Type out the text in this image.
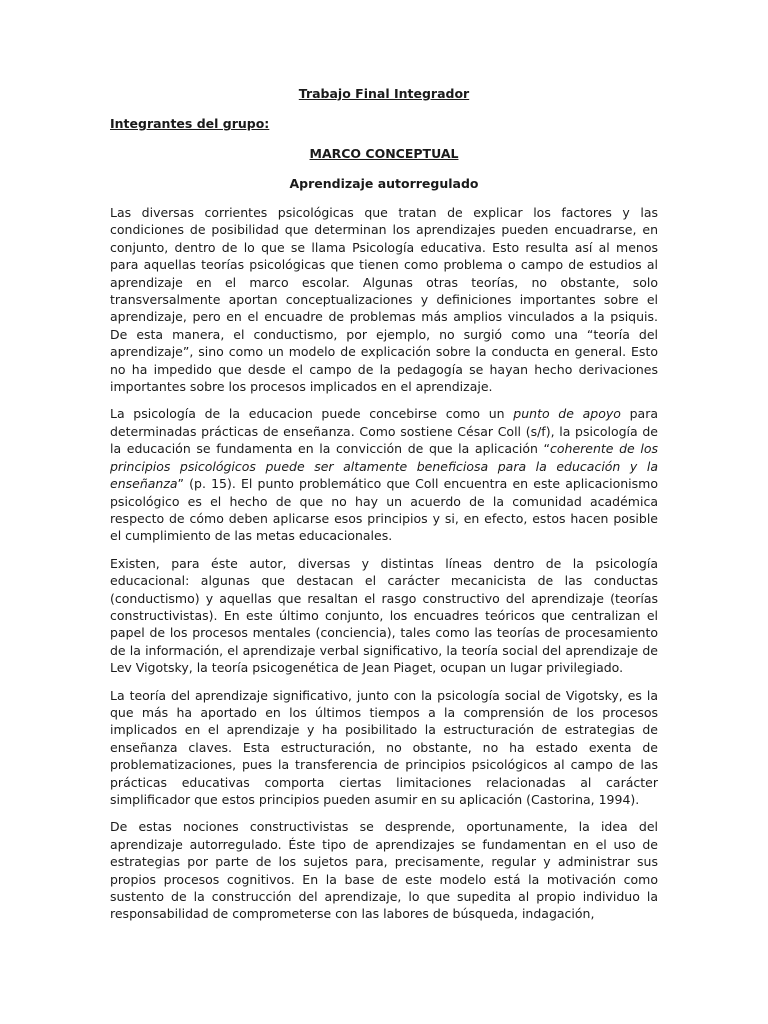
Trabajo Final Integrador
Integrantes del grupo:
MARCO CONCEPTUAL
Aprendizaje autorregulado

Las diversas corrientes psicológicas que tratan de explicar los factores y las condiciones de posibilidad que determinan los aprendizajes pueden encuadrarse, en conjunto, dentro de lo que se llama Psicología educativa. Esto resulta así al menos para aquellas teorías psicológicas que tienen como problema o campo de estudios al aprendizaje en el marco escolar. Algunas otras teorías, no obstante, solo transversalmente aportan conceptualizaciones y definiciones importantes sobre el aprendizaje, pero en el encuadre de problemas más amplios vinculados a la psiquis. De esta manera, el conductismo, por ejemplo, no surgió como una “teoría del aprendizaje”, sino como un modelo de explicación sobre la conducta en general. Esto no ha impedido que desde el campo de la pedagogía se hayan hecho derivaciones importantes sobre los procesos implicados en el aprendizaje.

La psicología de la educacion puede concebirse como un punto de apoyo para determinadas prácticas de enseñanza. Como sostiene César Coll (s/f), la psicología de la educación se fundamenta en la convicción de que la aplicación “coherente de los principios psicológicos puede ser altamente beneficiosa para la educación y la enseñanza” (p. 15). El punto problemático que Coll encuentra en este aplicacionismo psicológico es el hecho de que no hay un acuerdo de la comunidad académica respecto de cómo deben aplicarse esos principios y si, en efecto, estos hacen posible el cumplimiento de las metas educacionales.

Existen, para éste autor, diversas y distintas líneas dentro de la psicología educacional: algunas que destacan el carácter mecanicista de las conductas (conductismo) y aquellas que resaltan el rasgo constructivo del aprendizaje (teorías constructivistas). En este último conjunto, los encuadres teóricos que centralizan el papel de los procesos mentales (conciencia), tales como las teorías de procesamiento de la información, el aprendizaje verbal significativo, la teoría social del aprendizaje de Lev Vigotsky, la teoría psicogenética de Jean Piaget, ocupan un lugar privilegiado.

La teoría del aprendizaje significativo, junto con la psicología social de Vigotsky, es la que más ha aportado en los últimos tiempos a la comprensión de los procesos implicados en el aprendizaje y ha posibilitado la estructuración de estrategias de enseñanza claves. Esta estructuración, no obstante, no ha estado exenta de problematizaciones, pues la transferencia de principios psicológicos al campo de las prácticas educativas comporta ciertas limitaciones relacionadas al carácter simplificador que estos principios pueden asumir en su aplicación (Castorina, 1994).

De estas nociones constructivistas se desprende, oportunamente, la idea del aprendizaje autorregulado. Éste tipo de aprendizajes se fundamentan en el uso de estrategias por parte de los sujetos para, precisamente, regular y administrar sus propios procesos cognitivos. En la base de este modelo está la motivación como sustento de la construcción del aprendizaje, lo que supedita al propio individuo la responsabilidad de comprometerse con las labores de búsqueda, indagación,
